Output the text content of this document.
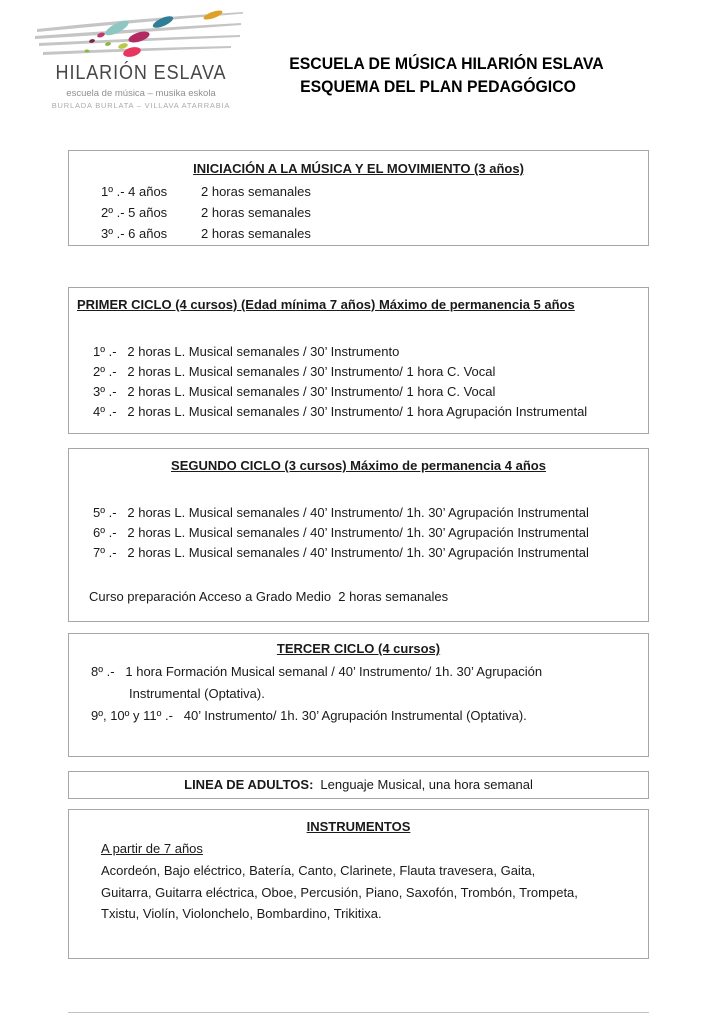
HILARIÓN ESLAVA
escuela de música – musika eskola
BURLADA BURLATA – VILLAVA ATARRABIA
ESCUELA DE MÚSICA HILARIÓN ESLAVA
ESQUEMA DEL PLAN PEDAGÓGICO
INICIACIÓN A LA MÚSICA Y EL MOVIMIENTO (3 años)
1º .- 4 años	2 horas semanales
2º .- 5 años	2 horas semanales
3º .- 6 años	2 horas semanales
PRIMER CICLO (4 cursos) (Edad mínima 7 años) Máximo de permanencia 5 años
1º .-   2 horas L. Musical semanales / 30’ Instrumento
2º .-   2 horas L. Musical semanales / 30’ Instrumento/ 1 hora C. Vocal
3º .-   2 horas L. Musical semanales / 30’ Instrumento/ 1 hora C. Vocal
4º .-   2 horas L. Musical semanales / 30’ Instrumento/ 1 hora Agrupación Instrumental
SEGUNDO CICLO (3 cursos) Máximo de permanencia 4 años
5º .-   2 horas L. Musical semanales / 40’ Instrumento/ 1h. 30’ Agrupación Instrumental
6º .-   2 horas L. Musical semanales / 40’ Instrumento/ 1h. 30’ Agrupación Instrumental
7º .-   2 horas L. Musical semanales / 40’ Instrumento/ 1h. 30’ Agrupación Instrumental
Curso preparación Acceso a Grado Medio  2 horas semanales
TERCER CICLO (4 cursos)
8º .-   1 hora Formación Musical semanal / 40’ Instrumento/ 1h. 30’ Agrupación
Instrumental (Optativa).
9º, 10º y 11º .-   40’ Instrumento/ 1h. 30’ Agrupación Instrumental (Optativa).
LINEA DE ADULTOS: Lenguaje Musical, una hora semanal
INSTRUMENTOS
A partir de 7 años
Acordeón, Bajo eléctrico, Batería, Canto, Clarinete, Flauta travesera, Gaita,
Guitarra, Guitarra eléctrica, Oboe, Percusión, Piano, Saxofón, Trombón, Trompeta,
Txistu, Violín, Violonchelo, Bombardino, Trikitixa.
